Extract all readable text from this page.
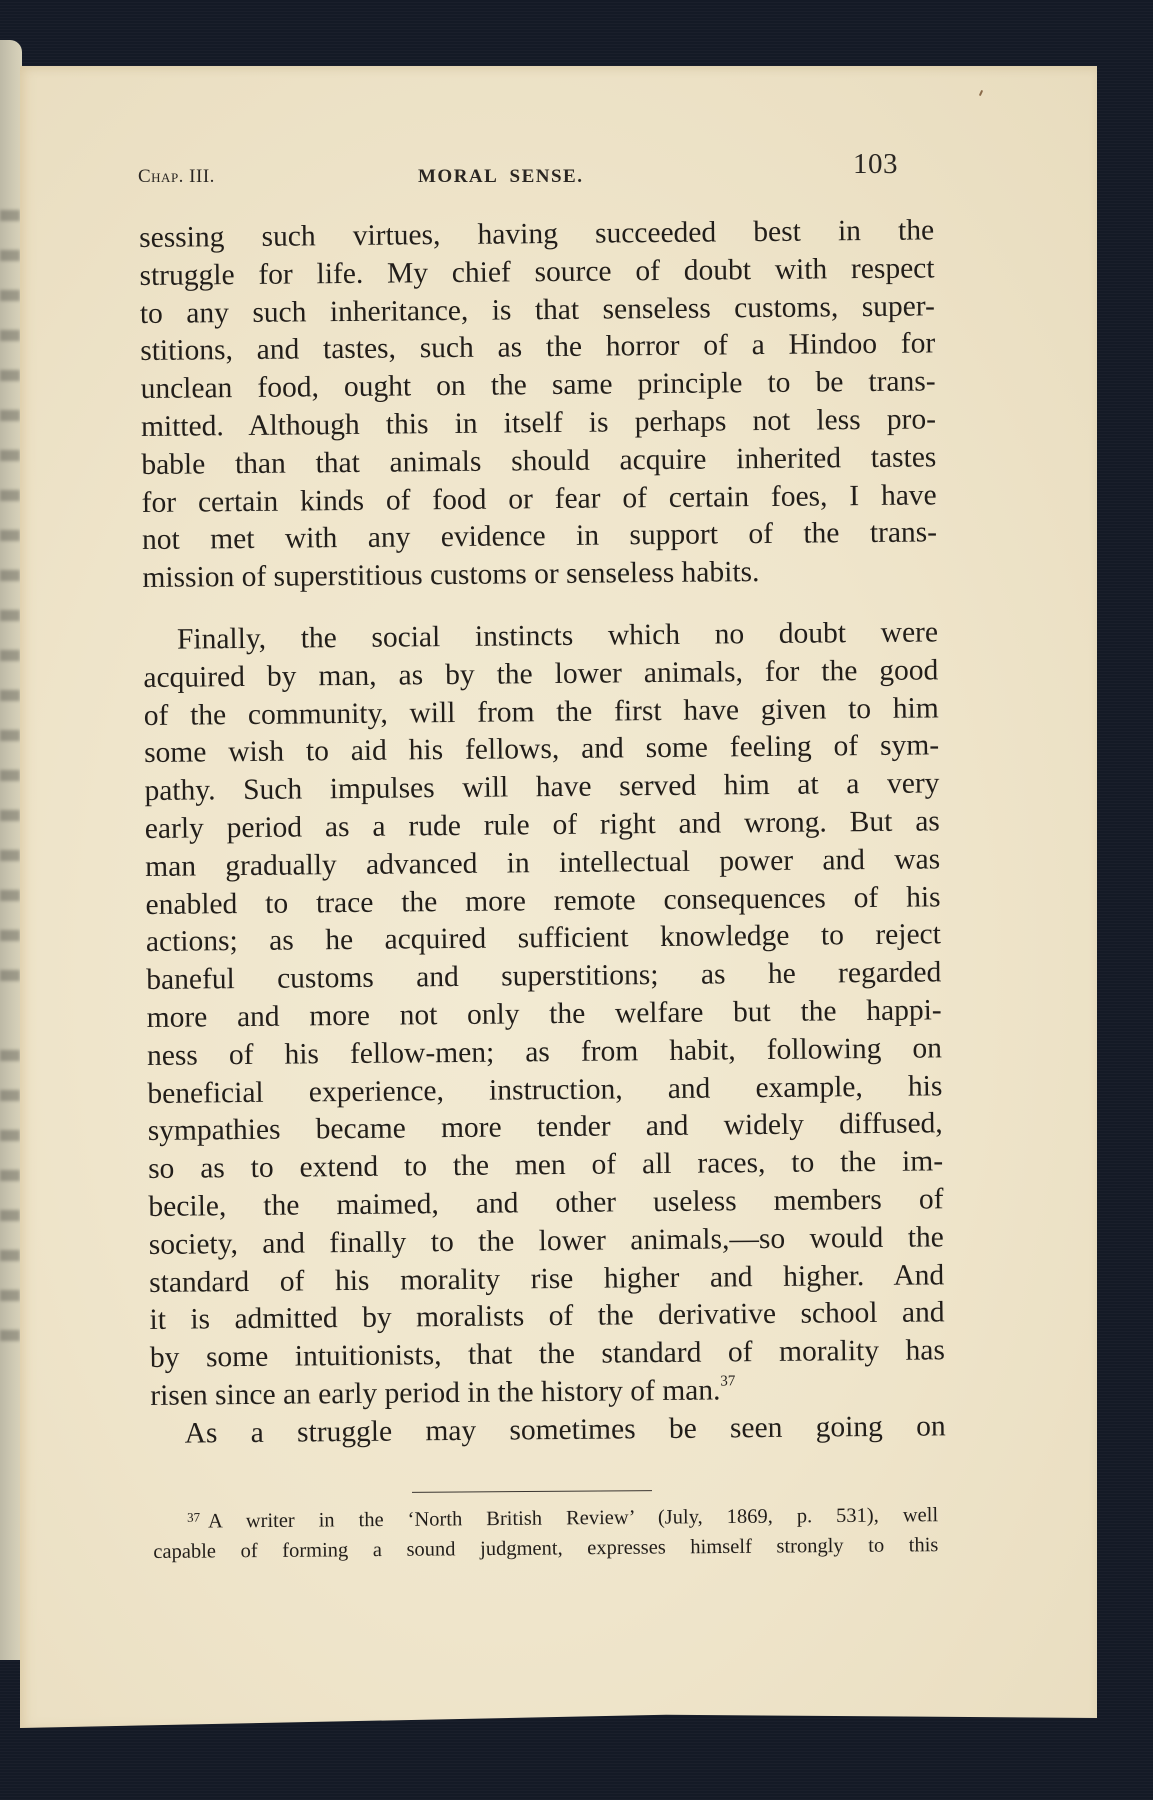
Chap. III.	MORAL SENSE.	103
sessing such virtues, having succeeded best in the
struggle for life. My chief source of doubt with respect
to any such inheritance, is that senseless customs, super-
stitions, and tastes, such as the horror of a Hindoo for
unclean food, ought on the same principle to be trans-
mitted. Although this in itself is perhaps not less pro-
bable than that animals should acquire inherited tastes
for certain kinds of food or fear of certain foes, I have
not met with any evidence in support of the trans-
mission of superstitious customs or senseless habits.
Finally, the social instincts which no doubt were
acquired by man, as by the lower animals, for the good
of the community, will from the first have given to him
some wish to aid his fellows, and some feeling of sym-
pathy. Such impulses will have served him at a very
early period as a rude rule of right and wrong. But as
man gradually advanced in intellectual power and was
enabled to trace the more remote consequences of his
actions; as he acquired sufficient knowledge to reject
baneful customs and superstitions; as he regarded
more and more not only the welfare but the happi-
ness of his fellow-men; as from habit, following on
beneficial experience, instruction, and example, his
sympathies became more tender and widely diffused,
so as to extend to the men of all races, to the im-
becile, the maimed, and other useless members of
society, and finally to the lower animals,—so would the
standard of his morality rise higher and higher. And
it is admitted by moralists of the derivative school and
by some intuitionists, that the standard of morality has
risen since an early period in the history of man.$^{37}$
As a struggle may sometimes be seen going on
$^{37}$ A writer in the ‘North British Review’ (July, 1869, p. 531), well
capable of forming a sound judgment, expresses himself strongly to this
